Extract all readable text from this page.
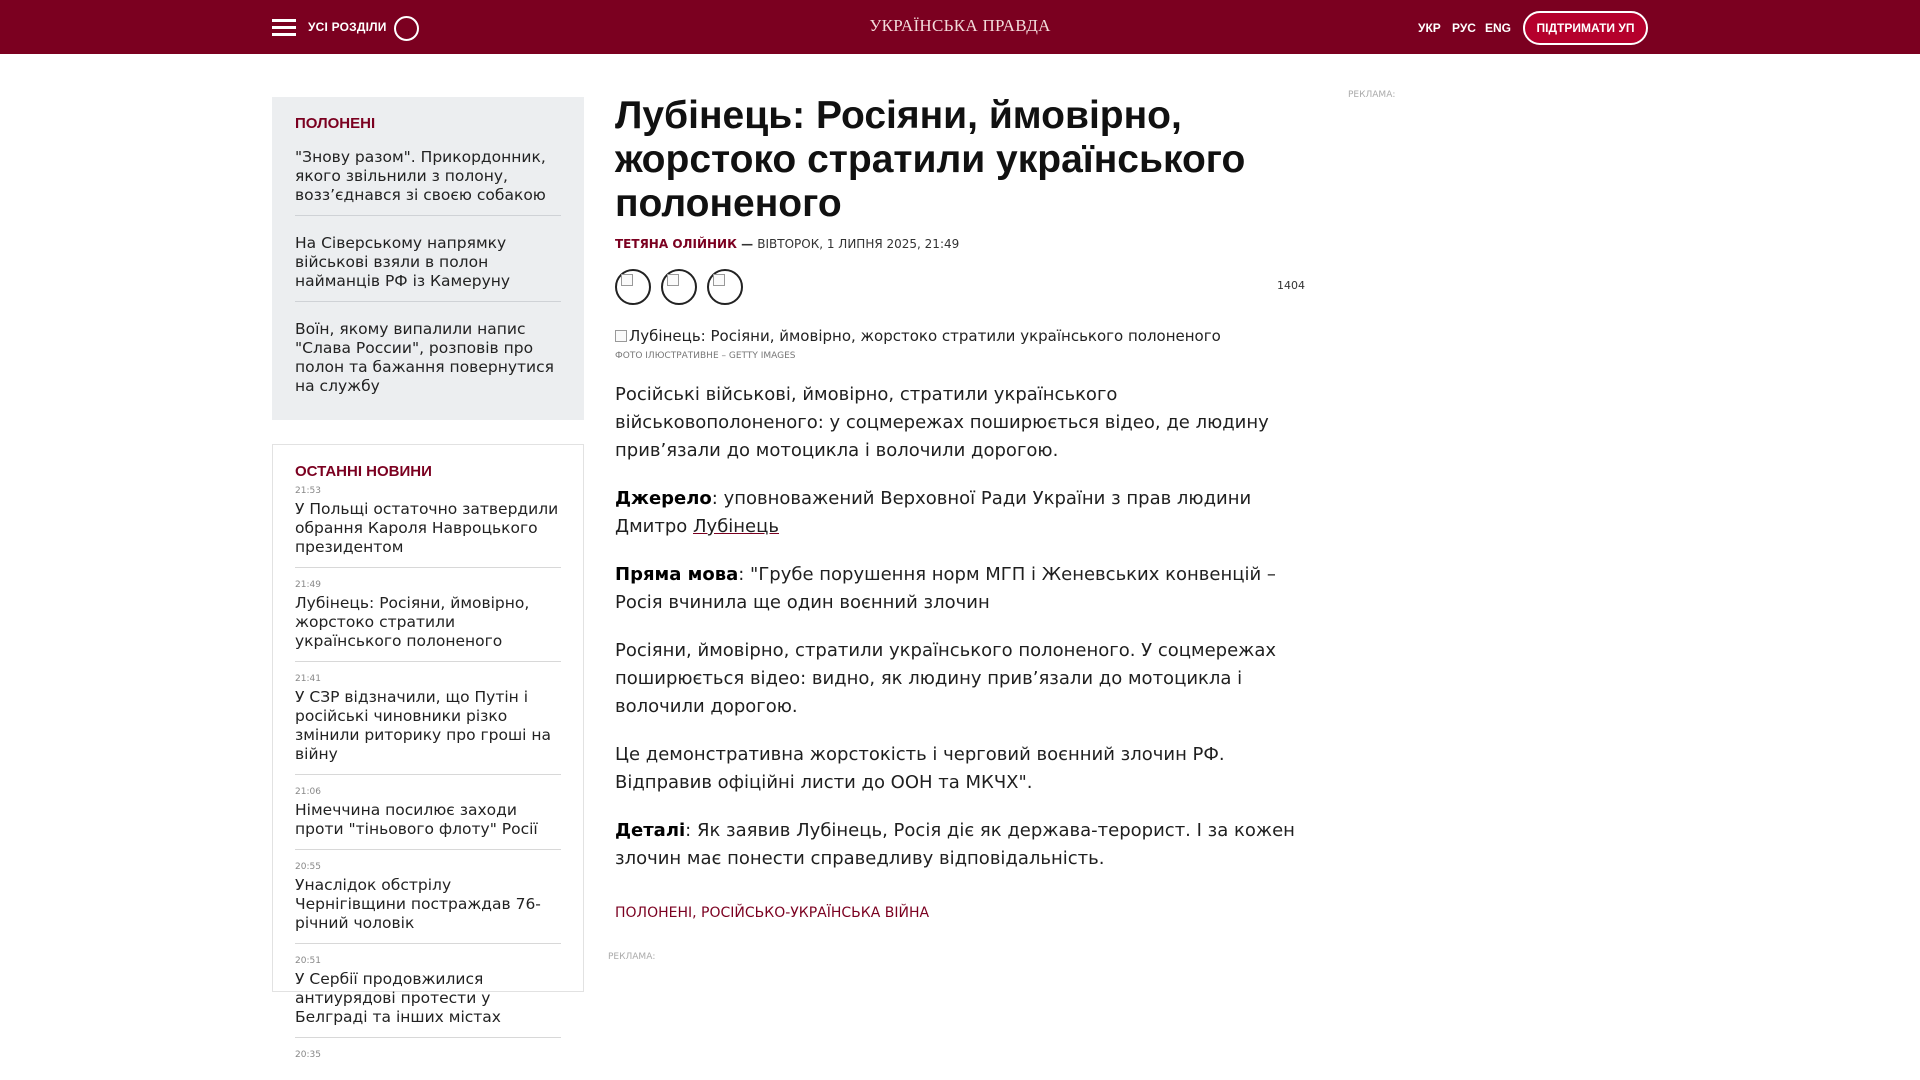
УСІ РОЗДІЛИ	УКРАЇНСЬКА ПРАВДА	УКР РУС ENG	ПІДТРИМАТИ УП
ПОЛОНЕНІ
"Знову разом". Прикордонник, якого звільнили з полону, возз’єднався зі своєю собакою
На Сіверському напрямку військові взяли в полон найманців РФ із Камеруну
Воїн, якому випалили напис "Слава России", розповів про полон та бажання повернутися на службу
ОСТАННІ НОВИНИ
21:53
У Польщі остаточно затвердили обрання Кароля Навроцького президентом
21:49
Лубінець: Росіяни, ймовірно, жорстоко стратили українського полоненого
21:41
У СЗР відзначили, що Путін і російські чиновники різко змінили риторику про гроші на війну
21:06
Німеччина посилює заходи проти "тіньового флоту" Росії
20:55
Унаслідок обстрілу Чернігівщини постраждав 76-річний чоловік
20:51
У Сербії продовжилися антиурядові протести у Белграді та інших містах
20:35
Лубінець: Росіяни, ймовірно, жорстоко стратили українського полоненого
ТЕТЯНА ОЛІЙНИК — ВІВТОРОК, 1 ЛИПНЯ 2025, 21:49
1404
Лубінець: Росіяни, ймовірно, жорстоко стратили українського полоненого
ФОТО ІЛЮСТРАТИВНЕ – GETTY IMAGES

Російські військові, ймовірно, стратили українського військовополоненого: у соцмережах поширюється відео, де людину прив’язали до мотоцикла і волочили дорогою.

Джерело: уповноважений Верховної Ради України з прав людини Дмитро Лубінець

Пряма мова: "Грубе порушення норм МГП і Женевських конвенцій – Росія вчинила ще один воєнний злочин

Росіяни, ймовірно, стратили українського полоненого. У соцмережах поширюється відео: видно, як людину прив’язали до мотоцикла і волочили дорогою.

Це демонстративна жорстокість і черговий воєнний злочин РФ. Відправив офіційні листи до ООН та МКЧХ".

Деталі: Як заявив Лубінець, Росія діє як держава-терорист. І за кожен злочин має понести справедливу відповідальність.

ПОЛОНЕНІ, РОСІЙСЬКО-УКРАЇНСЬКА ВІЙНА
РЕКЛАМА:
РЕКЛАМА:
